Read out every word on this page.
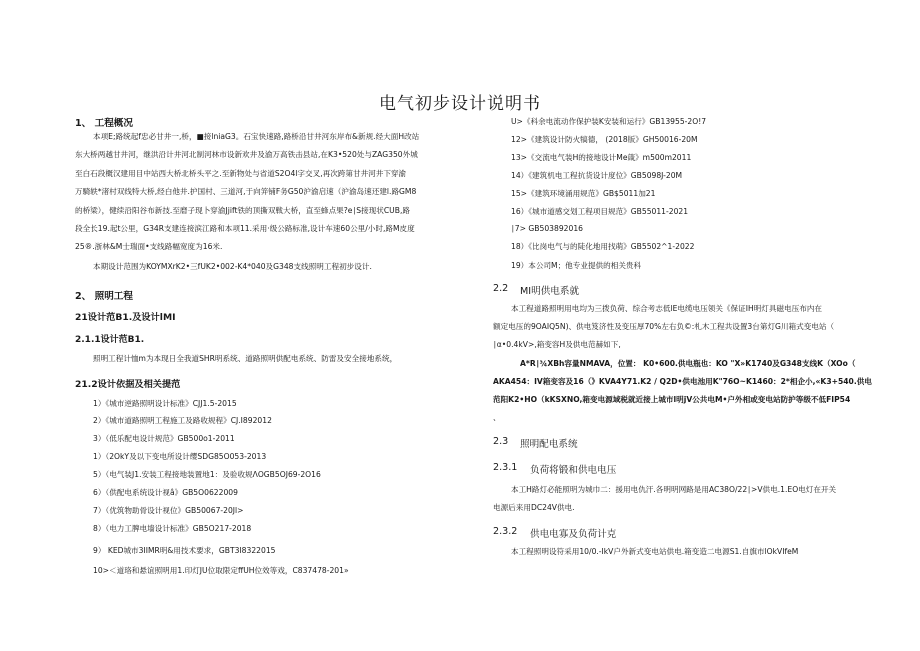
电气初步设计说明书
1、 工程概况
本项E;路统起f忠必甘井一,桥，■接lniaG3。石宝快速路,路桥沿甘井河东岸布&新规.经大面H改站
东大桥两越甘井河，继洪沿计井河北制河林市设新欢井及渝万高铁击县站,在K3•520处与ZAG350外城
至白石段概汉建用目中站西大桥北桥头平之.至新物处与省道S2O4l字交叉,再次跨第甘井河井下穿渝
万騎轶*渚村双线特大桥,经白他井.护国村、三道河,于向笄铺F务G50沪渝启速（沪渝岛速还建l.路GM8
的桥梁），健续沿阳谷布新技.至磨子现卜穿渝Jjift铁的顶撕双戦大桥，直至蜂点果?e∣S接现状CUB,路
段全长19.起t公里，G34R支建连接滨江路和本项11.采用·级公路标准,设计车速60公里/小时,路M皮度
25®.浙林&M士瑞面•支线路幅宽度为16米.
本期设计范围为KOYMXrK2•三fUK2•002-K4*040及G348支线照明工程初步设计.
2、 照明工程
21设计范B1.及设计lMI
2.1.1设计范B1.
照明工程计恤m为本现日全我道SHR明系统、道路照明供配电系统、防雷及安全接地系统，
21.2设计依据及相关提范
1）《城市逆路照明设计标准》CJJ1.5-2015
2）《城市道路照明工程施工及路收规程》CJ.I892012
3）（低乐配电设计规范》GB500o1-2011
1）（2OkY及以下变电所设计缨SDG85O053-2013
5）（电气装J1.安装工程接地装置地1：及验收规ΛOGB5OJ69-2O16
6）（供配电系统设计视â》GB5O0622009
7）（优筑物助骨设计视位》GB50067-20Jl>
8）（电力工脾电墙设计标准》GB5O217-2018
9） KED城市3IIMR明&用技术要求，GBT3I8322015
10>＜道珞和悬谊照明用1.印灯JU位取限定ffUH位效等戏，C837478-201»
U>《科余电流动作保护装K安装和运行》GB13955-2O!7
12>《建筑设计防火犒德， (2018版》GH50016-20M
13>《交流电气装H的接地设计Me箴》m500m2011
14）《建筑机电工程抗货设计度位》GB5098J-20M
15>《建筑环境涌用规范》GB$5011加21
16）《城市道感交划工程项目规范》GB55011-2021
∣7> GB503892016
18）《比岗电气与的陡化地用找萌》GB5502^1-2022
19）本公司M；他专业提供的相关贵科
2.2 MI明供电系就
本工程道路照明用电均为三拨负荷、综合考志低lE电缆电压领关《保证IH明灯具磁电压布内在
额定电压的9OAIQ5N)、供电笈济性及变压厚70%左右负©:札木工程共设置3台第灯G川箱式变电站（
∣α•0.4kV>,箱变容H及供电范赫如下,
A*R∣¾XBh容量NMAVA，位置： K0•600.供电瓶也：KO "X»K1740及G348支线K（XOo（
AKA454：IV箱变容及16（》KVA4Y71.K2 / Q2D•供电池用K"76O~K1460：2*相企小,«K3+540.供电
范阳K2•HO（kKSXNO,箱变电源域税就近接上城市l明jV公共电M•户外相或变电站防护等级不低FIP54
、
2.3 照明配电系统
2.3.1 负荷将锻和供电电压
本工H路灯必能照明为城巾二：援用电仇汗.各明明网路是用AC38O/22∣>V供电.1.EO电灯在开关
电源后来用DC24V供电.
2.3.2 供电电寡及负荷计克
本工程照明设符采用10/0.-IkV户外新式变电站供电.箱变造二电源S1.自旗市lOkVIfeM
